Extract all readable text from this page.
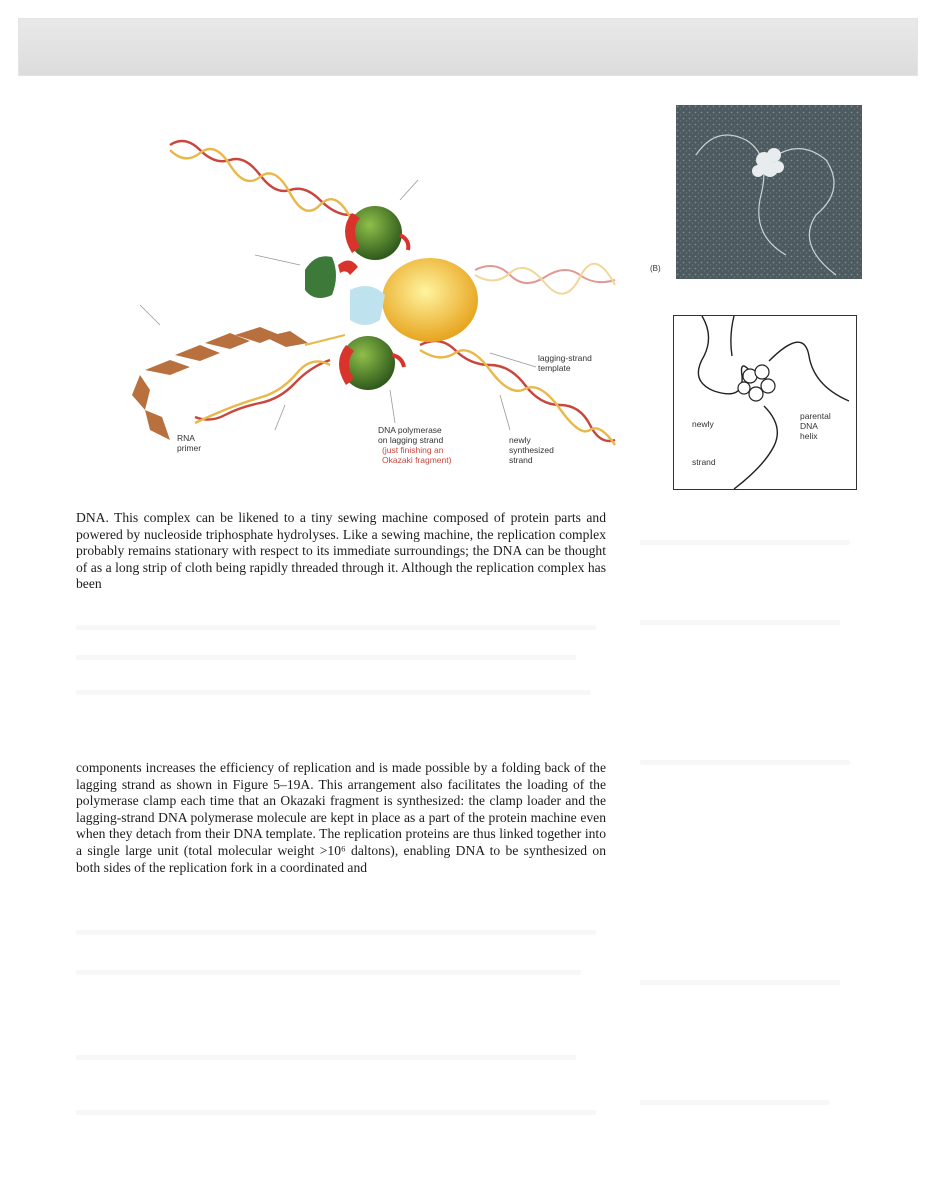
lagging-strand template
RNA primer
DNA polymerase on lagging strand
(just finishing an Okazaki fragment)
newly synthesized strand
(B)
newly
strand
parental DNA helix

DNA. This complex can be likened to a tiny sewing machine composed of protein parts and powered by nucleoside triphosphate hydrolyses. Like a sewing machine, the replication complex probably remains stationary with respect to its immediate surroundings; the DNA can be thought of as a long strip of cloth being rapidly threaded through it. Although the replication complex has been

components increases the efficiency of replication and is made possible by a folding back of the lagging strand as shown in Figure 5–19A. This arrangement also facilitates the loading of the polymerase clamp each time that an Okazaki fragment is synthesized: the clamp loader and the lagging-strand DNA polymerase molecule are kept in place as a part of the protein machine even when they detach from their DNA template. The replication proteins are thus linked together into a single large unit (total molecular weight >10⁶ daltons), enabling DNA to be synthesized on both sides of the replication fork in a coordinated and
